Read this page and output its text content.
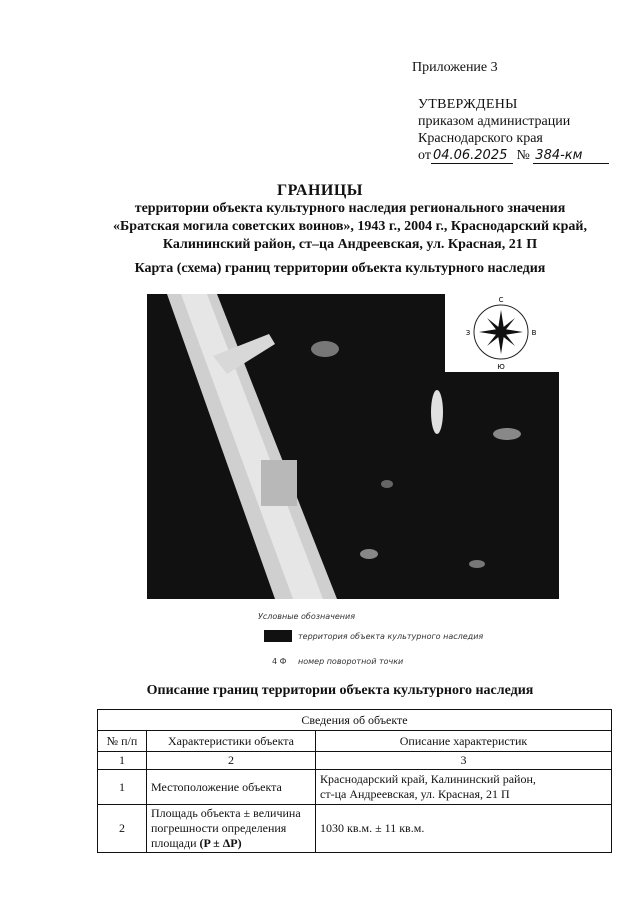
Приложение 3
УТВЕРЖДЕНЫ
приказом администрации
Краснодарского края
от 04.06.2025 № 384-км
ГРАНИЦЫ
территории объекта культурного наследия регионального значения
«Братская могила советских воинов», 1943 г., 2004 г., Краснодарский край,
Калининский район, ст–ца Андреевская, ул. Красная, 21 П
Карта (схема) границ территории объекта культурного наследия
С
Ю
В
З
Условные обозначения
территория объекта культурного наследия
4 Ф номер поворотной точки
Описание границ территории объекта культурного наследия
Сведения об объекте		
№ п/п	Характеристики объекта	Описание характеристик
1	2	3
1	Местоположение объекта	Краснодарский край, Калининский район,
ст-ца Андреевская, ул. Красная, 21 П

2	Площадь объекта ± величина
погрешности определения
площади (P ± ΔP)	1030 кв.м. ± 11 кв.м.
